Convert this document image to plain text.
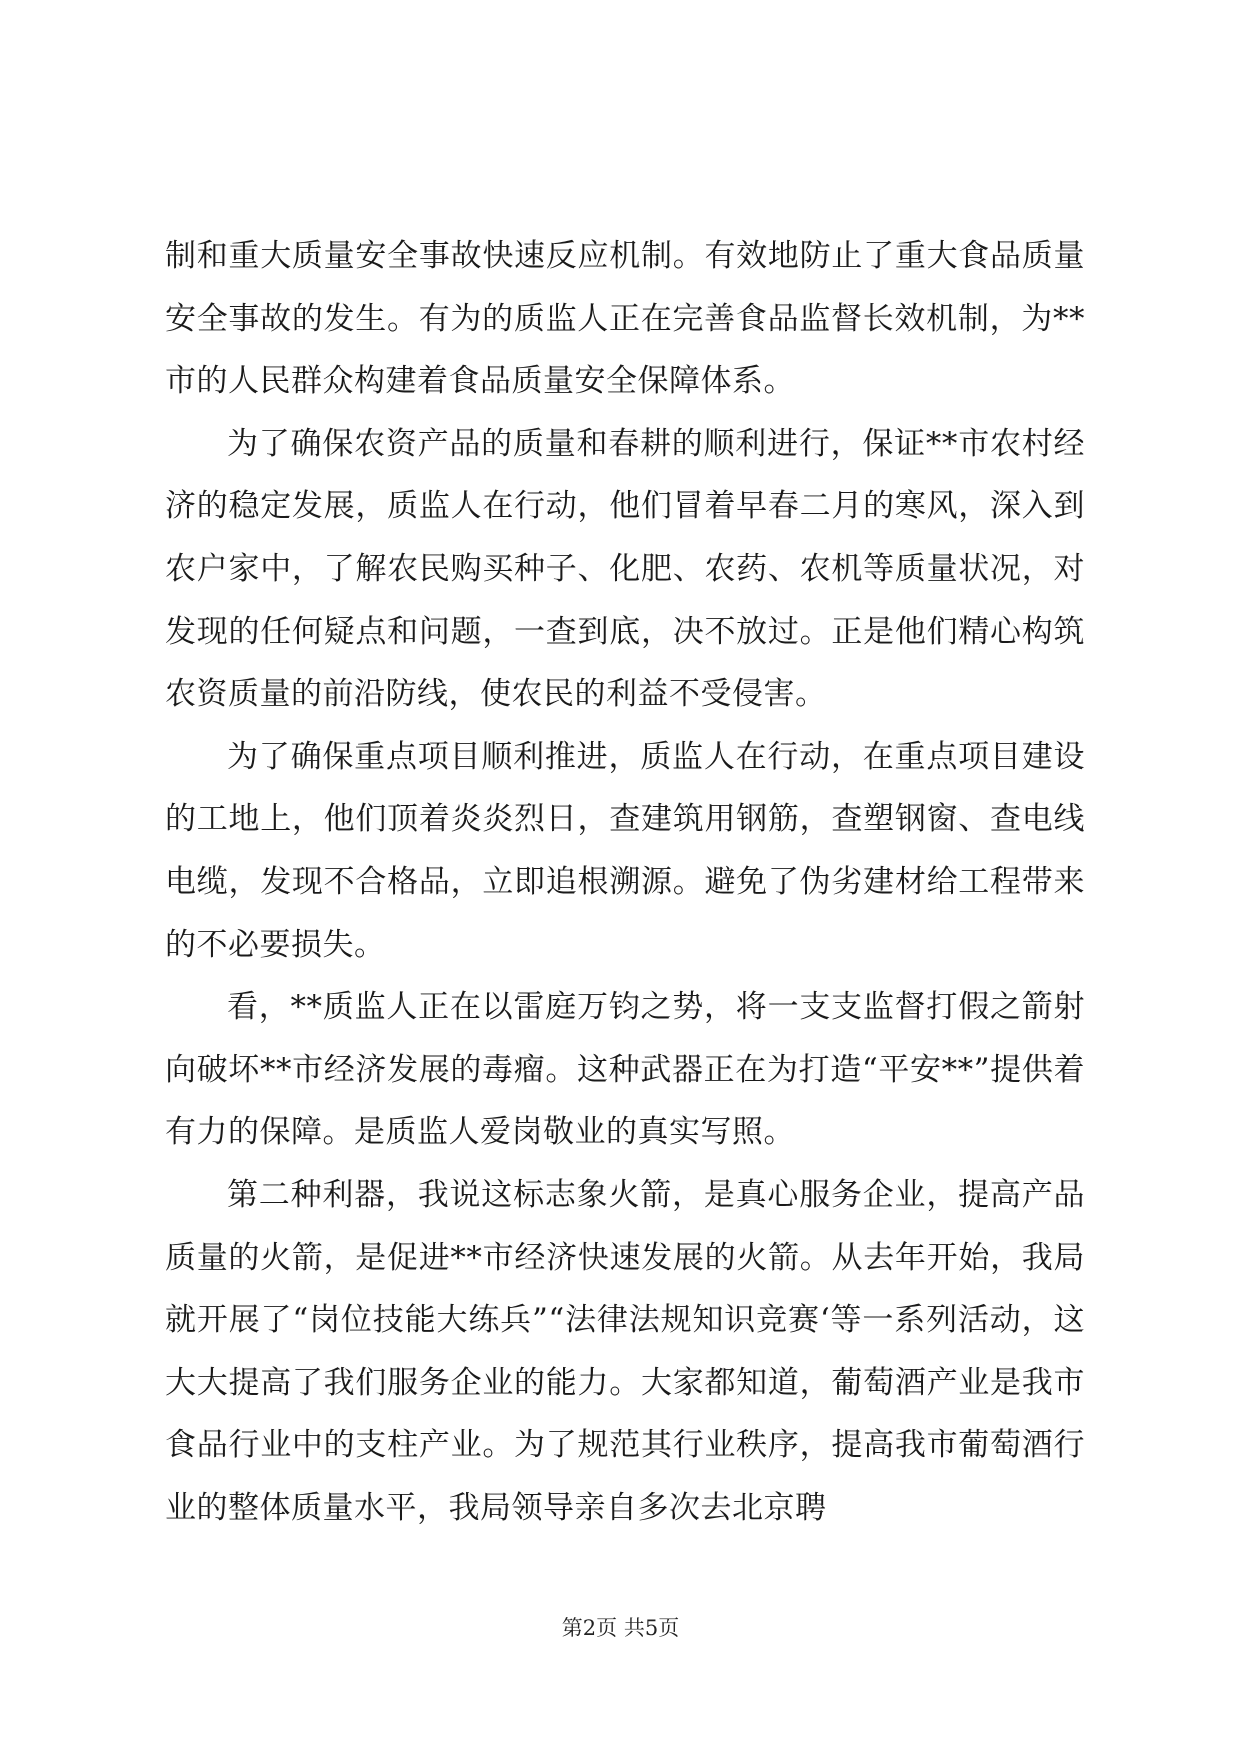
制和重大质量安全事故快速反应机制。有效地防止了重大食品质量安全事故的发生。有为的质监人正在完善食品监督长效机制，为**市的人民群众构建着食品质量安全保障体系。

为了确保农资产品的质量和春耕的顺利进行，保证**市农村经济的稳定发展，质监人在行动，他们冒着早春二月的寒风，深入到农户家中，了解农民购买种子、化肥、农药、农机等质量状况，对发现的任何疑点和问题，一查到底，决不放过。正是他们精心构筑农资质量的前沿防线，使农民的利益不受侵害。

为了确保重点项目顺利推进，质监人在行动，在重点项目建设的工地上，他们顶着炎炎烈日，查建筑用钢筋，查塑钢窗、查电线电缆，发现不合格品，立即追根溯源。避免了伪劣建材给工程带来的不必要损失。

看，**质监人正在以雷庭万钧之势，将一支支监督打假之箭射向破坏**市经济发展的毒瘤。这种武器正在为打造“平安**”提供着有力的保障。是质监人爱岗敬业的真实写照。

第二种利器，我说这标志象火箭，是真心服务企业，提高产品质量的火箭，是促进**市经济快速发展的火箭。从去年开始，我局就开展了“岗位技能大练兵”“法律法规知识竞赛‘等一系列活动，这大大提高了我们服务企业的能力。大家都知道，葡萄酒产业是我市食品行业中的支柱产业。为了规范其行业秩序，提高我市葡萄酒行业的整体质量水平，我局领导亲自多次去北京聘

第2页 共5页
